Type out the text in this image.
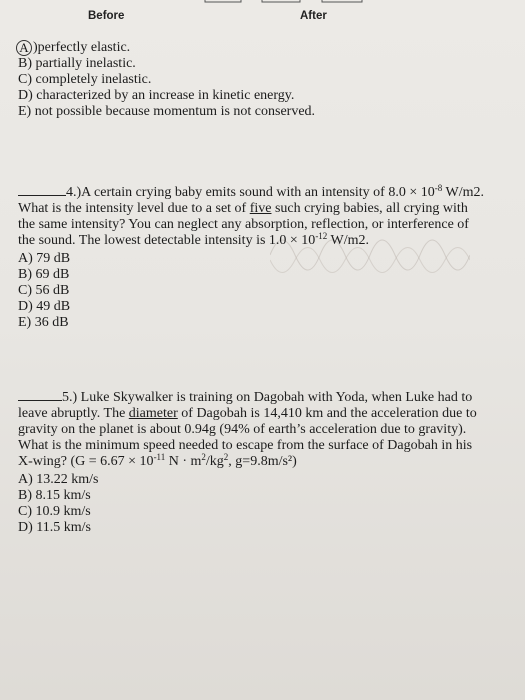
Before	After
A )perfectly elastic.
B) partially inelastic.
C) completely inelastic.
D) characterized by an increase in kinetic energy.
E) not possible because momentum is not conserved.
4.)A certain crying baby emits sound with an intensity of $8.0 \times 10^{-8}$ W/m2.
What is the intensity level due to a set of five such crying babies, all crying with
the same intensity? You can neglect any absorption, reflection, or interference of
the sound. The lowest detectable intensity is $1.0 \times 10^{-12}$ W/m2.
A) 79 dB
B) 69 dB
C) 56 dB
D) 49 dB
E) 36 dB
5.) Luke Skywalker is training on Dagobah with Yoda, when Luke had to
leave abruptly. The diameter of Dagobah is 14,410 km and the acceleration due to
gravity on the planet is about 0.94g (94% of earth’s acceleration due to gravity).
What is the minimum speed needed to escape from the surface of Dagobah in his
X-wing? ($G = 6.67 \times 10^{-11}$ $N \cdot m^2/kg^2$, g=9.8m/s²)
A) 13.22 km/s
B) 8.15 km/s
C) 10.9 km/s
D) 11.5 km/s
